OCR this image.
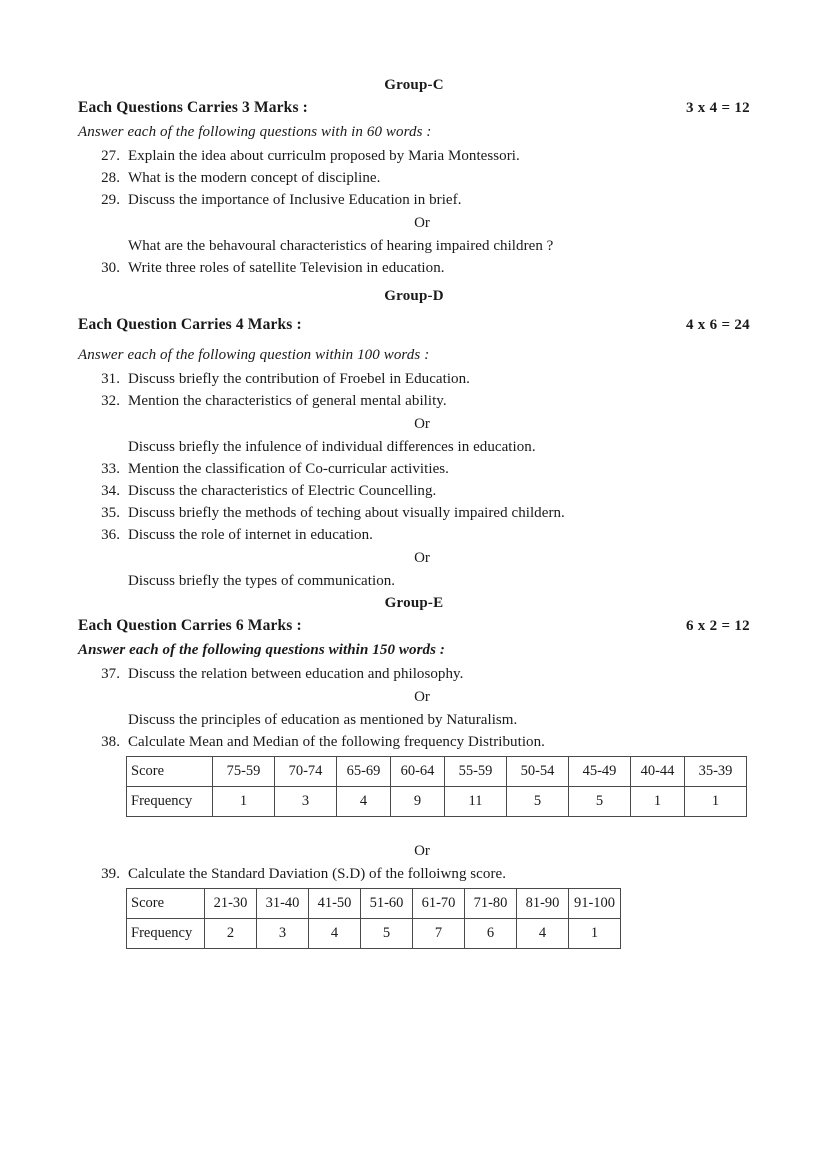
Group-C
Each Questions Carries 3 Marks :	3 x 4 = 12
Answer each of the following questions with in 60 words :
27. Explain the idea about curriculm proposed by Maria Montessori.
28. What is the modern concept of discipline.
29. Discuss the importance of Inclusive Education in brief.
Or
What are the behavoural characteristics of hearing impaired children ?
30. Write three roles of satellite Television in education.
Group-D
Each Question Carries 4 Marks :	4 x 6 = 24
Answer each of the following question within 100 words :
31. Discuss briefly the contribution of Froebel in Education.
32. Mention the characteristics of general mental ability.
Or
Discuss briefly the infulence of individual differences in education.
33. Mention the classification of Co-curricular activities.
34. Discuss the characteristics of Electric Councelling.
35. Discuss briefly the methods of teching about visually impaired childern.
36. Discuss the role of internet in education.
Or
Discuss briefly the types of communication.
Group-E
Each Question Carries 6 Marks :	6 x 2 = 12
Answer each of the following questions within 150 words :
37. Discuss the relation between education and philosophy.
Or
Discuss the principles of education as mentioned by Naturalism.
38. Calculate Mean and Median of the following frequency Distribution.
Score	75-59	70-74	65-69	60-64	55-59	50-54	45-49	40-44	35-39
Frequency	1	3	4	9	11	5	5	1	1
Or
39. Calculate the Standard Daviation (S.D) of the folloiwng score.
Score	21-30	31-40	41-50	51-60	61-70	71-80	81-90	91-100
Frequency	2	3	4	5	7	6	4	1
